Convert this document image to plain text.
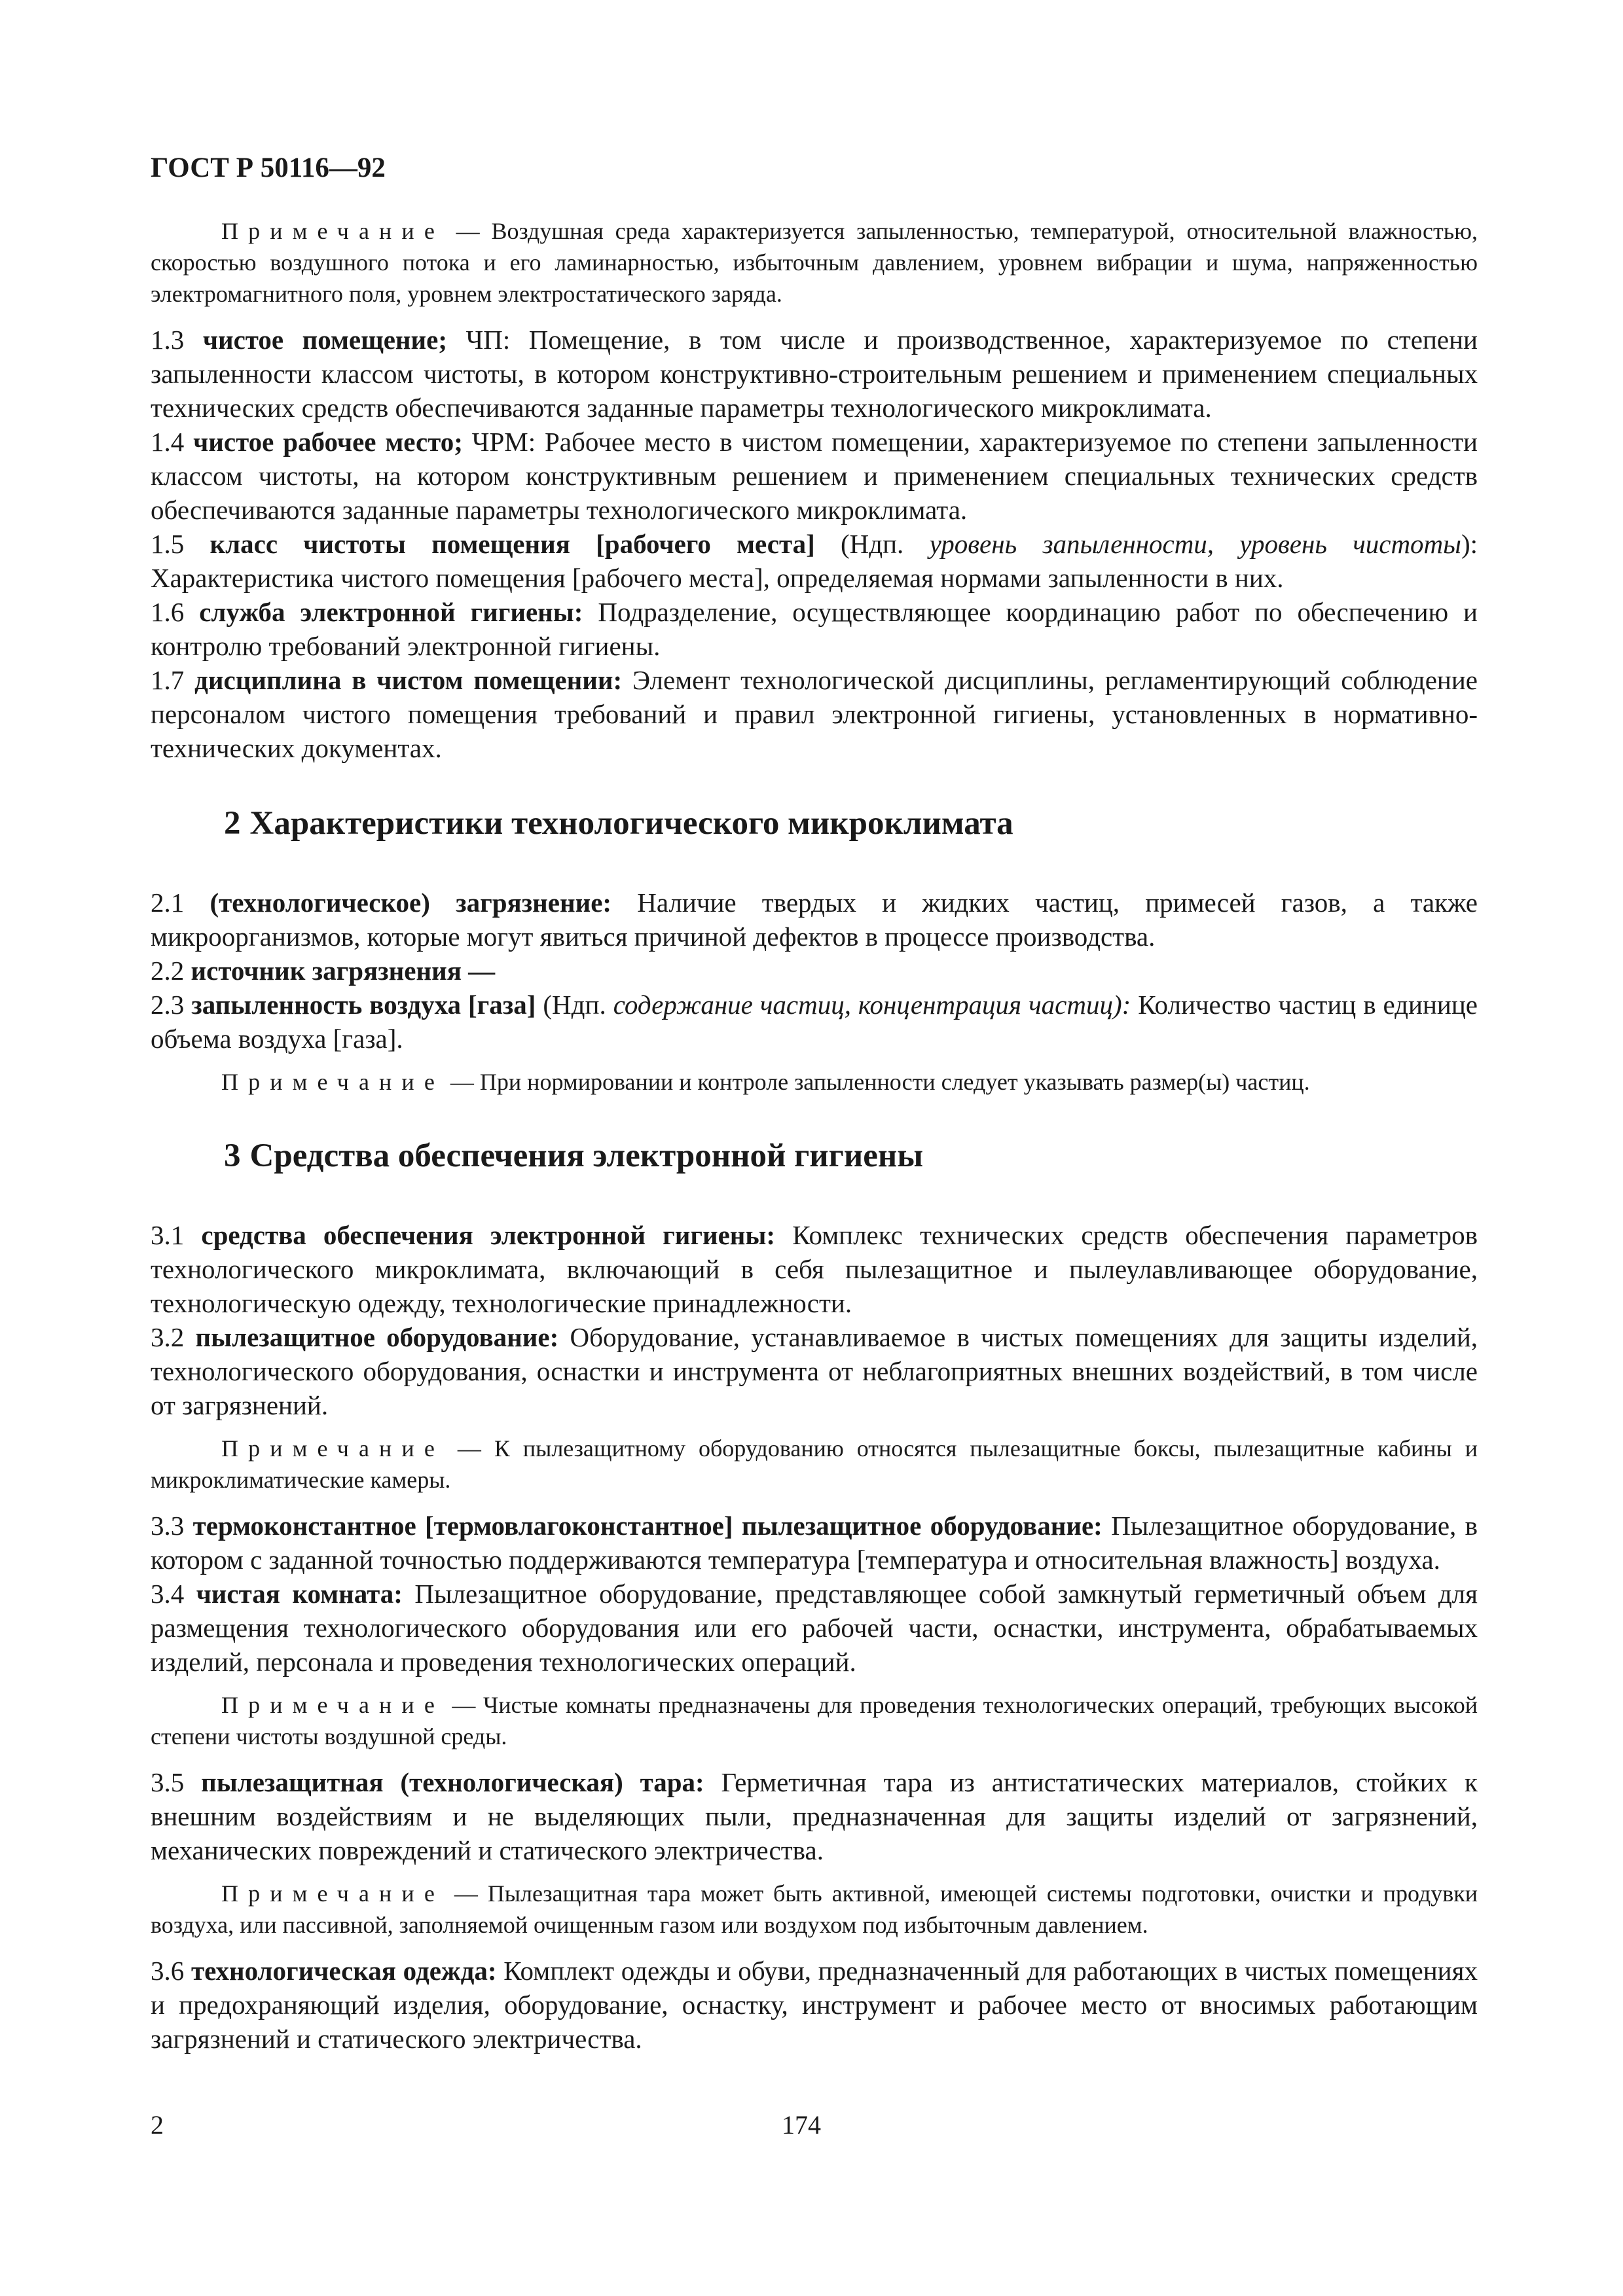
ГОСТ Р 50116—92

Примечание — Воздушная среда характеризуется запыленностью, температурой, относительной влажностью, скоростью воздушного потока и его ламинарностью, избыточным давлением, уровнем вибрации и шума, напряженностью электромагнитного поля, уровнем электростатического заряда.

1.3 чистое помещение; ЧП: Помещение, в том числе и производственное, характеризуемое по степени запыленности классом чистоты, в котором конструктивно-строительным решением и применением специальных технических средств обеспечиваются заданные параметры технологического микроклимата.

1.4 чистое рабочее место; ЧРМ: Рабочее место в чистом помещении, характеризуемое по степени запыленности классом чистоты, на котором конструктивным решением и применением специальных технических средств обеспечиваются заданные параметры технологического микроклимата.

1.5 класс чистоты помещения [рабочего места] (Ндп. уровень запыленности, уровень чистоты): Характеристика чистого помещения [рабочего места], определяемая нормами запыленности в них.

1.6 служба электронной гигиены: Подразделение, осуществляющее координацию работ по обеспечению и контролю требований электронной гигиены.

1.7 дисциплина в чистом помещении: Элемент технологической дисциплины, регламентирующий соблюдение персоналом чистого помещения требований и правил электронной гигиены, установленных в нормативно-технических документах.

2 Характеристики технологического микроклимата

2.1 (технологическое) загрязнение: Наличие твердых и жидких частиц, примесей газов, а также микроорганизмов, которые могут явиться причиной дефектов в процессе производства.

2.2 источник загрязнения —

2.3 запыленность воздуха [газа] (Ндп. содержание частиц, концентрация частиц): Количество частиц в единице объема воздуха [газа].

Примечание — При нормировании и контроле запыленности следует указывать размер(ы) частиц.

3 Средства обеспечения электронной гигиены

3.1 средства обеспечения электронной гигиены: Комплекс технических средств обеспечения параметров технологического микроклимата, включающий в себя пылезащитное и пылеулавливающее оборудование, технологическую одежду, технологические принадлежности.

3.2 пылезащитное оборудование: Оборудование, устанавливаемое в чистых помещениях для защиты изделий, технологического оборудования, оснастки и инструмента от неблагоприятных внешних воздействий, в том числе от загрязнений.

Примечание — К пылезащитному оборудованию относятся пылезащитные боксы, пылезащитные кабины и микроклиматические камеры.

3.3 термоконстантное [термовлагоконстантное] пылезащитное оборудование: Пылезащитное оборудование, в котором с заданной точностью поддерживаются температура [температура и относительная влажность] воздуха.

3.4 чистая комната: Пылезащитное оборудование, представляющее собой замкнутый герметичный объем для размещения технологического оборудования или его рабочей части, оснастки, инструмента, обрабатываемых изделий, персонала и проведения технологических операций.

Примечание — Чистые комнаты предназначены для проведения технологических операций, требующих высокой степени чистоты воздушной среды.

3.5 пылезащитная (технологическая) тара: Герметичная тара из антистатических материалов, стойких к внешним воздействиям и не выделяющих пыли, предназначенная для защиты изделий от загрязнений, механических повреждений и статического электричества.

Примечание — Пылезащитная тара может быть активной, имеющей системы подготовки, очистки и продувки воздуха, или пассивной, заполняемой очищенным газом или воздухом под избыточным давлением.

3.6 технологическая одежда: Комплект одежды и обуви, предназначенный для работающих в чистых помещениях и предохраняющий изделия, оборудование, оснастку, инструмент и рабочее место от вносимых работающим загрязнений и статического электричества.

2	174
